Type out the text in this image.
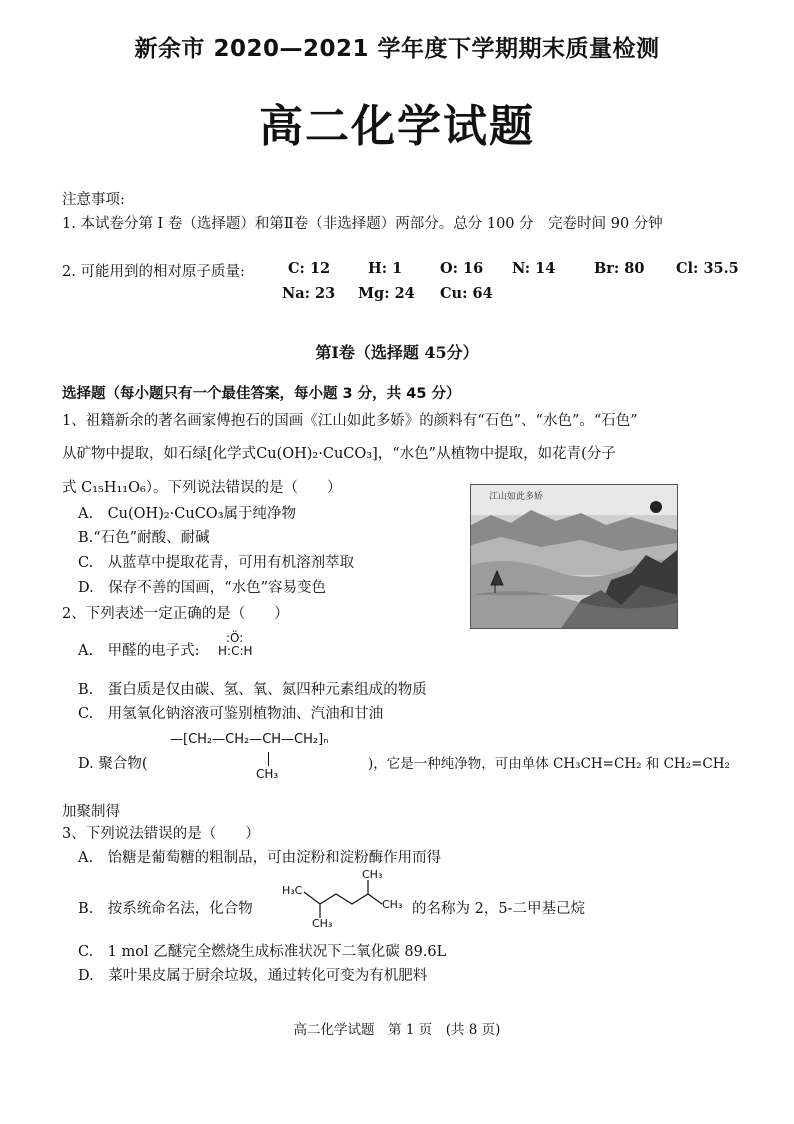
新余市 2020—2021 学年度下学期期末质量检测
高二化学试题
注意事项:
1. 本试卷分第 I 卷（选择题）和第Ⅱ卷（非选择题）两部分。总分 100 分　完卷时间 90 分钟
2. 可能用到的相对原子质量:	C: 12	H: 1	O: 16 N: 14	Br: 80 Cl: 35.5
Na: 23 Mg: 24 Cu: 64
第Ⅰ卷（选择题 45分）
选择题（每小题只有一个最佳答案，每小题 3 分，共 45 分）
1、祖籍新余的著名画家傅抱石的国画《江山如此多娇》的颜料有“石色”、“水色”。“石色”
从矿物中提取，如石绿[化学式Cu(OH)₂·CuCO₃]，“水色”从植物中提取，如花青(分子
式 C₁₅H₁₁O₆）。下列说法错误的是（　　）
A.　Cu(OH)₂·CuCO₃属于纯净物
B.“石色”耐酸、耐碱
C.　从蓝草中提取花青，可用有机溶剂萃取
D.　保存不善的国画，“水色”容易变色
江山如此多娇
2、下列表述一定正确的是（　　）
A.　甲醛的电子式:
:Ö:
H:C:H
B.　蛋白质是仅由碳、氢、氧、氮四种元素组成的物质
C.　用氢氧化钠溶液可鉴别植物油、汽油和甘油
D. 聚合物(
—[CH₂—CH₂—CH—CH₂]ₙ
CH₃
)，它是一种纯净物，可由单体 CH₃CH=CH₂ 和 CH₂=CH₂
加聚制得
3、下列说法错误的是（　　）
A.　饴糖是葡萄糖的粗制品，可由淀粉和淀粉酶作用而得
B.　按系统命名法，化合物
H₃C
CH₃
CH₃
CH₃
的名称为 2，5-二甲基己烷
C.　1 mol 乙醚完全燃烧生成标准状况下二氧化碳 89.6L
D.　菜叶果皮属于厨余垃圾，通过转化可变为有机肥料
高二化学试题　第 1 页　(共 8 页)
